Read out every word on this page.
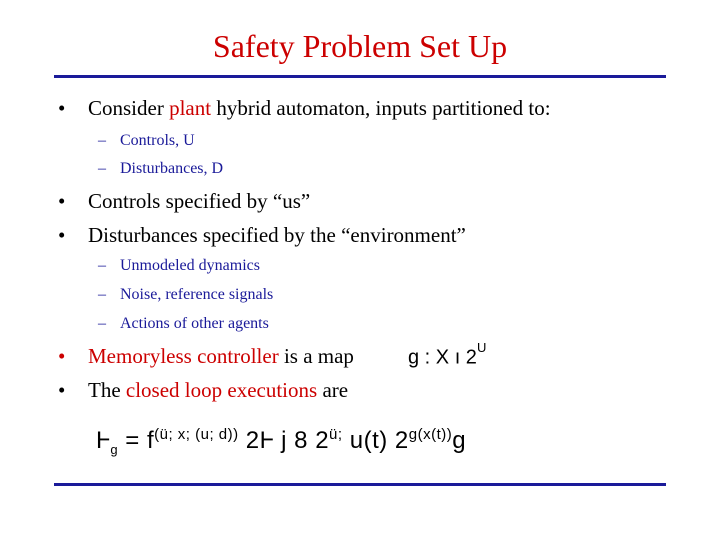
Safety Problem Set Up
• Consider plant hybrid automaton, inputs partitioned to:
– Controls, U
– Disturbances, D
• Controls specified by “us”
• Disturbances specified by the “environment”
– Unmodeled dynamics
– Noise, reference signals
– Actions of other agents
• Memoryless controller is a map	g : X ı $2^U$
• The closed loop executions are
Ⱶ$_g$ = $f^{(ü; x; (u; d))}$ 2Ⱶ j 8 $2^{ü;}$ u(t) $2^{g(x(t))}g$
